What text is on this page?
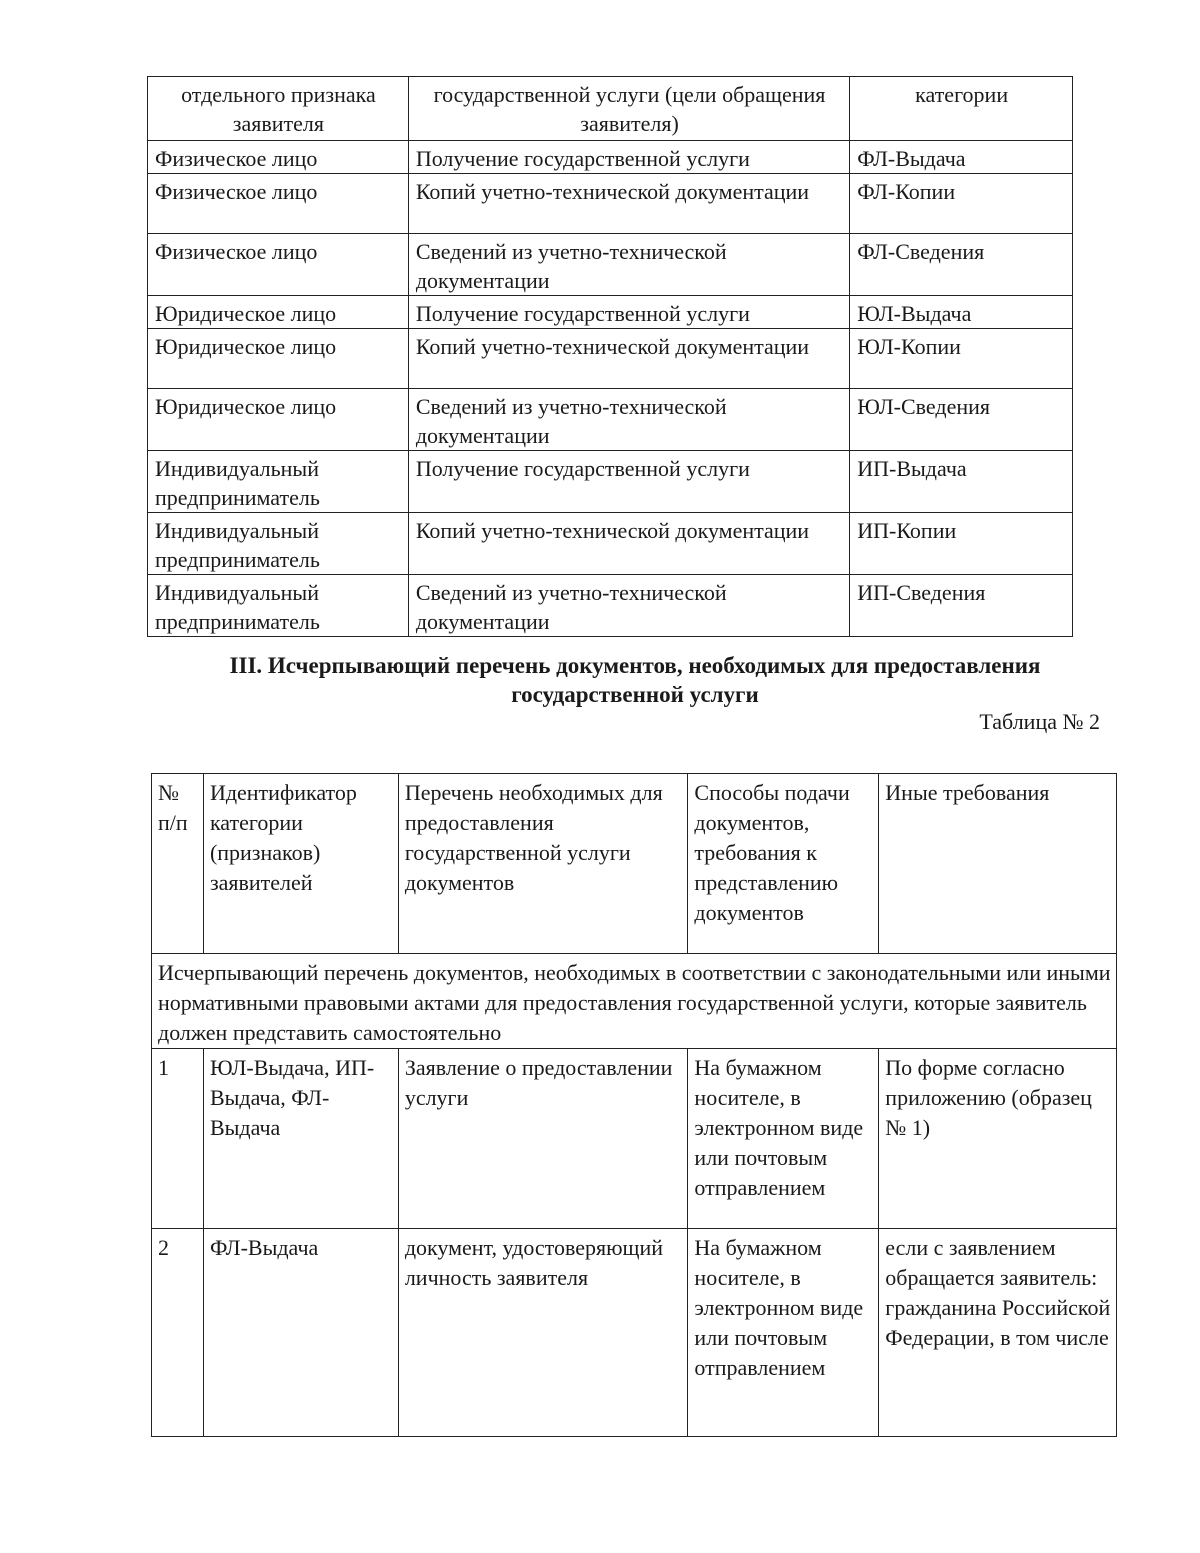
отдельного признака заявителя	государственной услуги (цели обращения заявителя)	категории
Физическое лицо	Получение государственной услуги	ФЛ-Выдача
Физическое лицо	Копий учетно-технической документации	ФЛ-Копии
Физическое лицо	Сведений из учетно-технической документации	ФЛ-Сведения
Юридическое лицо	Получение государственной услуги	ЮЛ-Выдача
Юридическое лицо	Копий учетно-технической документации	ЮЛ-Копии
Юридическое лицо	Сведений из учетно-технической документации	ЮЛ-Сведения
Индивидуальный предприниматель	Получение государственной услуги	ИП-Выдача
Индивидуальный предприниматель	Копий учетно-технической документации	ИП-Копии
Индивидуальный предприниматель	Сведений из учетно-технической документации	ИП-Сведения
III. Исчерпывающий перечень документов, необходимых для предоставления государственной услуги
Таблица № 2
№ п/п	Идентификатор категории (признаков) заявителей	Перечень необходимых для предоставления государственной услуги документов	Способы подачи документов, требования к представлению документов	Иные требования
Исчерпывающий перечень документов, необходимых в соответствии с законодательными или иными нормативными правовыми актами для предоставления государственной услуги, которые заявитель должен представить самостоятельно				
1	ЮЛ-Выдача, ИП-Выдача, ФЛ-Выдача	Заявление о предоставлении услуги	На бумажном носителе, в электронном виде или почтовым отправлением	По форме согласно приложению (образец № 1)
2	ФЛ-Выдача	документ, удостоверяющий личность заявителя	На бумажном носителе, в электронном виде или почтовым отправлением	если с заявлением обращается заявитель: гражданина Российской Федерации, в том числе
